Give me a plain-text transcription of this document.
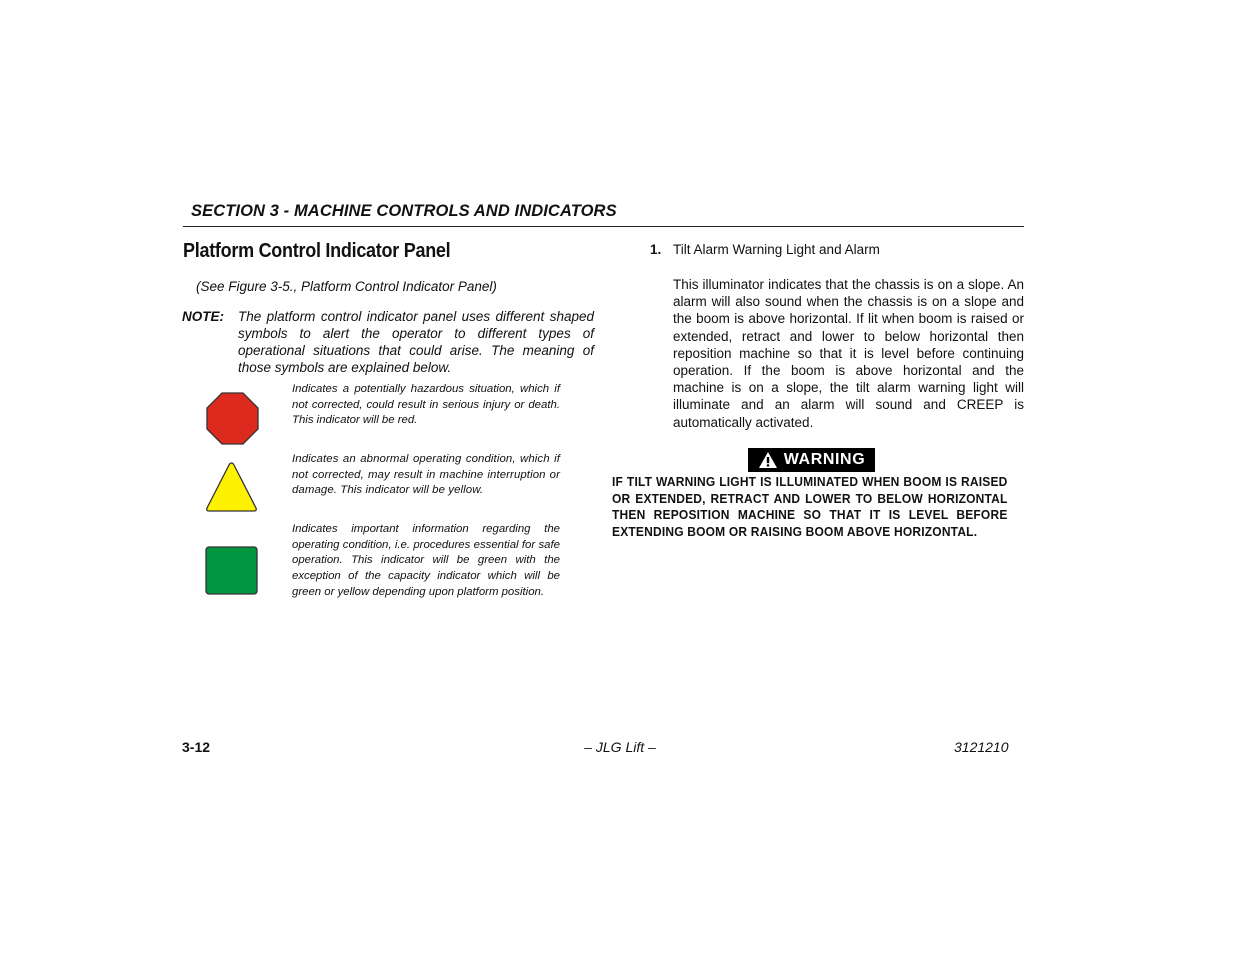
SECTION 3 - MACHINE CONTROLS AND INDICATORS
Platform Control Indicator Panel
(See Figure 3-5., Platform Control Indicator Panel)
NOTE: The platform control indicator panel uses different shaped symbols to alert the operator to different types of operational situations that could arise. The meaning of those symbols are explained below.
Indicates a potentially hazardous situation, which if not corrected, could result in serious injury or death. This indicator will be red.
Indicates an abnormal operating condition, which if not corrected, may result in machine interruption or damage. This indicator will be yellow.
Indicates important information regarding the operating condition, i.e. procedures essential for safe operation. This indicator will be green with the exception of the capacity indicator which will be green or yellow depending upon platform position.
1. Tilt Alarm Warning Light and Alarm
This illuminator indicates that the chassis is on a slope. An alarm will also sound when the chassis is on a slope and the boom is above horizontal. If lit when boom is raised or extended, retract and lower to below horizontal then reposition machine so that it is level before continuing operation. If the boom is above horizontal and the machine is on a slope, the tilt alarm warning light will illuminate and an alarm will sound and CREEP is automatically activated.
WARNING
IF TILT WARNING LIGHT IS ILLUMINATED WHEN BOOM IS RAISED OR EXTENDED, RETRACT AND LOWER TO BELOW HORIZONTAL THEN REPOSITION MACHINE SO THAT IT IS LEVEL BEFORE EXTENDING BOOM OR RAISING BOOM ABOVE HORIZONTAL.
3-12	– JLG Lift –	3121210
